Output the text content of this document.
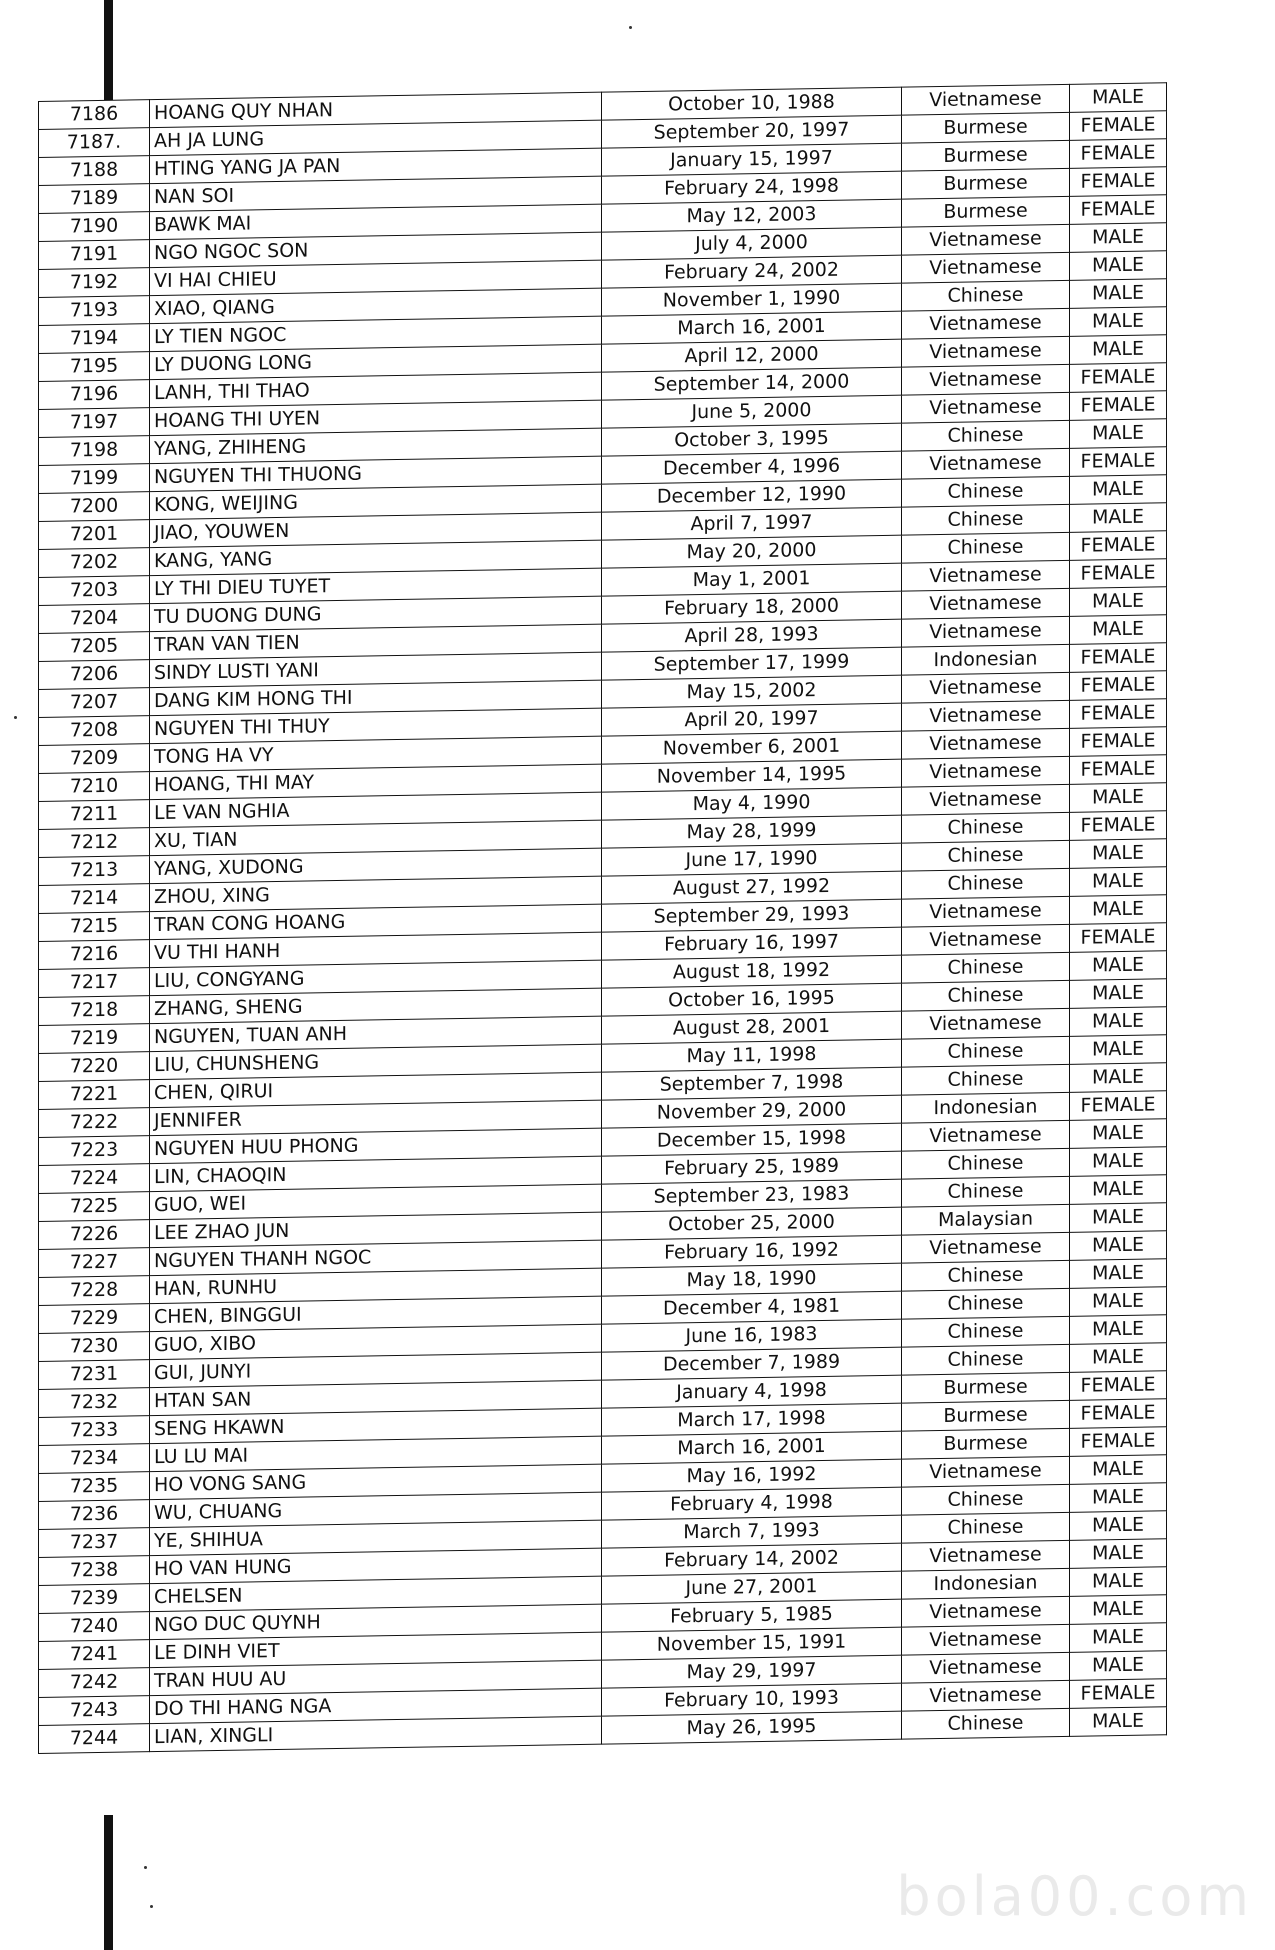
7186	HOANG QUY NHAN	October 10, 1988	Vietnamese	MALE
7187.	AH JA LUNG	September 20, 1997	Burmese	FEMALE
7188	HTING YANG JA PAN	January 15, 1997	Burmese	FEMALE
7189	NAN SOI	February 24, 1998	Burmese	FEMALE
7190	BAWK MAI	May 12, 2003	Burmese	FEMALE
7191	NGO NGOC SON	July 4, 2000	Vietnamese	MALE
7192	VI HAI CHIEU	February 24, 2002	Vietnamese	MALE
7193	XIAO, QIANG	November 1, 1990	Chinese	MALE
7194	LY TIEN NGOC	March 16, 2001	Vietnamese	MALE
7195	LY DUONG LONG	April 12, 2000	Vietnamese	MALE
7196	LANH, THI THAO	September 14, 2000	Vietnamese	FEMALE
7197	HOANG THI UYEN	June 5, 2000	Vietnamese	FEMALE
7198	YANG, ZHIHENG	October 3, 1995	Chinese	MALE
7199	NGUYEN THI THUONG	December 4, 1996	Vietnamese	FEMALE
7200	KONG, WEIJING	December 12, 1990	Chinese	MALE
7201	JIAO, YOUWEN	April 7, 1997	Chinese	MALE
7202	KANG, YANG	May 20, 2000	Chinese	FEMALE
7203	LY THI DIEU TUYET	May 1, 2001	Vietnamese	FEMALE
7204	TU DUONG DUNG	February 18, 2000	Vietnamese	MALE
7205	TRAN VAN TIEN	April 28, 1993	Vietnamese	MALE
7206	SINDY LUSTI YANI	September 17, 1999	Indonesian	FEMALE
7207	DANG KIM HONG THI	May 15, 2002	Vietnamese	FEMALE
7208	NGUYEN THI THUY	April 20, 1997	Vietnamese	FEMALE
7209	TONG HA VY	November 6, 2001	Vietnamese	FEMALE
7210	HOANG, THI MAY	November 14, 1995	Vietnamese	FEMALE
7211	LE VAN NGHIA	May 4, 1990	Vietnamese	MALE
7212	XU, TIAN	May 28, 1999	Chinese	FEMALE
7213	YANG, XUDONG	June 17, 1990	Chinese	MALE
7214	ZHOU, XING	August 27, 1992	Chinese	MALE
7215	TRAN CONG HOANG	September 29, 1993	Vietnamese	MALE
7216	VU THI HANH	February 16, 1997	Vietnamese	FEMALE
7217	LIU, CONGYANG	August 18, 1992	Chinese	MALE
7218	ZHANG, SHENG	October 16, 1995	Chinese	MALE
7219	NGUYEN, TUAN ANH	August 28, 2001	Vietnamese	MALE
7220	LIU, CHUNSHENG	May 11, 1998	Chinese	MALE
7221	CHEN, QIRUI	September 7, 1998	Chinese	MALE
7222	JENNIFER	November 29, 2000	Indonesian	FEMALE
7223	NGUYEN HUU PHONG	December 15, 1998	Vietnamese	MALE
7224	LIN, CHAOQIN	February 25, 1989	Chinese	MALE
7225	GUO, WEI	September 23, 1983	Chinese	MALE
7226	LEE ZHAO JUN	October 25, 2000	Malaysian	MALE
7227	NGUYEN THANH NGOC	February 16, 1992	Vietnamese	MALE
7228	HAN, RUNHU	May 18, 1990	Chinese	MALE
7229	CHEN, BINGGUI	December 4, 1981	Chinese	MALE
7230	GUO, XIBO	June 16, 1983	Chinese	MALE
7231	GUI, JUNYI	December 7, 1989	Chinese	MALE
7232	HTAN SAN	January 4, 1998	Burmese	FEMALE
7233	SENG HKAWN	March 17, 1998	Burmese	FEMALE
7234	LU LU MAI	March 16, 2001	Burmese	FEMALE
7235	HO VONG SANG	May 16, 1992	Vietnamese	MALE
7236	WU, CHUANG	February 4, 1998	Chinese	MALE
7237	YE, SHIHUA	March 7, 1993	Chinese	MALE
7238	HO VAN HUNG	February 14, 2002	Vietnamese	MALE
7239	CHELSEN	June 27, 2001	Indonesian	MALE
7240	NGO DUC QUYNH	February 5, 1985	Vietnamese	MALE
7241	LE DINH VIET	November 15, 1991	Vietnamese	MALE
7242	TRAN HUU AU	May 29, 1997	Vietnamese	MALE
7243	DO THI HANG NGA	February 10, 1993	Vietnamese	FEMALE
7244	LIAN, XINGLI	May 26, 1995	Chinese	MALE
bola00.com
